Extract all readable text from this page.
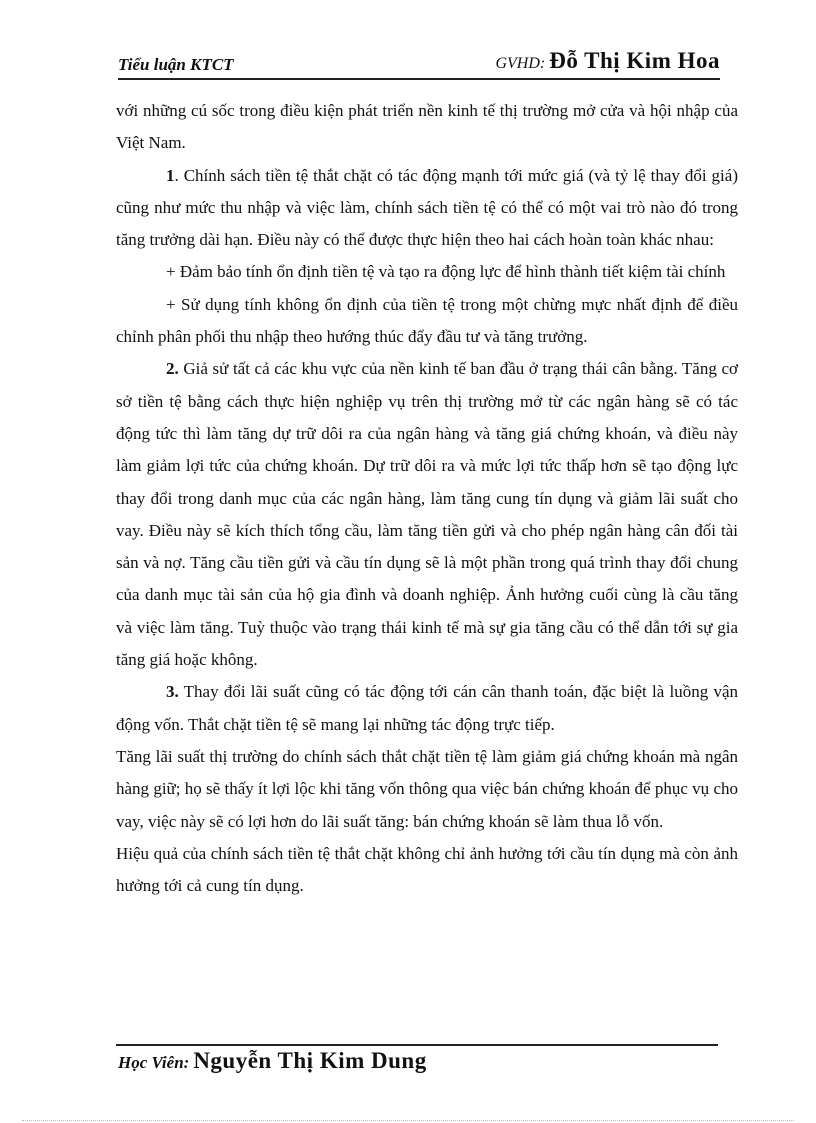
Tiểu luận KTCT	GVHD: Đỗ Thị Kim Hoa

với những cú sốc trong điều kiện phát triển nền kinh tế thị trường mở cửa và hội nhập của Việt Nam.

1. Chính sách tiền tệ thắt chặt có tác động mạnh tới mức giá (và tỷ lệ thay đổi giá) cũng như mức thu nhập và việc làm, chính sách tiền tệ có thể có một vai trò nào đó trong tăng trưởng dài hạn. Điều này có thể được thực hiện theo hai cách hoàn toàn khác nhau:

+ Đảm bảo tính ổn định tiền tệ và tạo ra động lực để hình thành tiết kiệm tài chính

+ Sử dụng tính không ổn định của tiền tệ trong một chừng mực nhất định để điều chỉnh phân phối thu nhập theo hướng thúc đẩy đầu tư và tăng trưởng.

2. Giả sử tất cả các khu vực của nền kinh tế ban đầu ở trạng thái cân bằng. Tăng cơ sở tiền tệ bằng cách thực hiện nghiệp vụ trên thị trường mở từ các ngân hàng sẽ có tác động tức thì làm tăng dự trữ dôi ra của ngân hàng và tăng giá chứng khoán, và điều này làm giảm lợi tức của chứng khoán. Dự trữ dôi ra và mức lợi tức thấp hơn sẽ tạo động lực thay đổi trong danh mục của các ngân hàng, làm tăng cung tín dụng và giảm lãi suất cho vay. Điều này sẽ kích thích tổng cầu, làm tăng tiền gửi và cho phép ngân hàng cân đối tài sản và nợ. Tăng cầu tiền gửi và cầu tín dụng sẽ là một phần trong quá trình thay đổi chung của danh mục tài sản của hộ gia đình và doanh nghiệp. Ảnh hưởng cuối cùng là cầu tăng và việc làm tăng. Tuỳ thuộc vào trạng thái kinh tế mà sự gia tăng cầu có thể dẫn tới sự gia tăng giá hoặc không.

3. Thay đổi lãi suất cũng có tác động tới cán cân thanh toán, đặc biệt là luồng vận động vốn. Thắt chặt tiền tệ sẽ mang lại những tác động trực tiếp.

Tăng lãi suất thị trường do chính sách thắt chặt tiền tệ làm giảm giá chứng khoán mà ngân hàng giữ; họ sẽ thấy ít lợi lộc khi tăng vốn thông qua việc bán chứng khoán để phục vụ cho vay, việc này sẽ có lợi hơn do lãi suất tăng: bán chứng khoán sẽ làm thua lỗ vốn.

Hiệu quả của chính sách tiền tệ thắt chặt không chỉ ảnh hưởng tới cầu tín dụng mà còn ảnh hưởng tới cả cung tín dụng.

Học Viên: Nguyễn Thị Kim Dung
